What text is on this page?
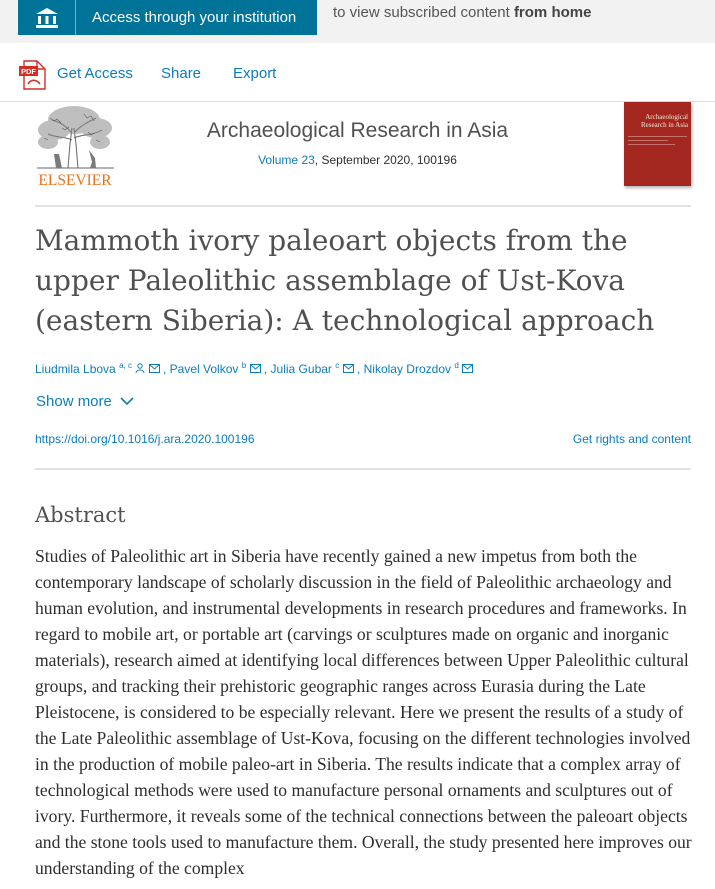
Access through your institution to view subscribed content from home
PDF Get Access Share Export
ELSEVIER
Archaeological Research in Asia
Volume 23, September 2020, 100196
Archaeological Research in Asia
Mammoth ivory paleoart objects from the upper Paleolithic assemblage of Ust-Kova (eastern Siberia): A technological approach
Liudmila Lbova $^{a, c}$	, Pavel Volkov $^b$ , Julia Gubar $^c$ , Nikolay Drozdov $^d$
Show more
https://doi.org/10.1016/j.ara.2020.100196	Get rights and content
Abstract

Studies of Paleolithic art in Siberia have recently gained a new impetus from both the contemporary landscape of scholarly discussion in the field of Paleolithic archaeology and human evolution, and instrumental developments in research procedures and frameworks. In regard to mobile art, or portable art (carvings or sculptures made on organic and inorganic materials), research aimed at identifying local differences between Upper Paleolithic cultural groups, and tracking their prehistoric geographic ranges across Eurasia during the Late Pleistocene, is considered to be especially relevant. Here we present the results of a study of the Late Paleolithic assemblage of Ust-Kova, focusing on the different technologies involved in the production of mobile paleo-art in Siberia. The results indicate that a complex array of technological methods were used to manufacture personal ornaments and sculptures out of ivory. Furthermore, it reveals some of the technical connections between the paleoart objects and the stone tools used to manufacture them. Overall, the study presented here improves our understanding of the complex
